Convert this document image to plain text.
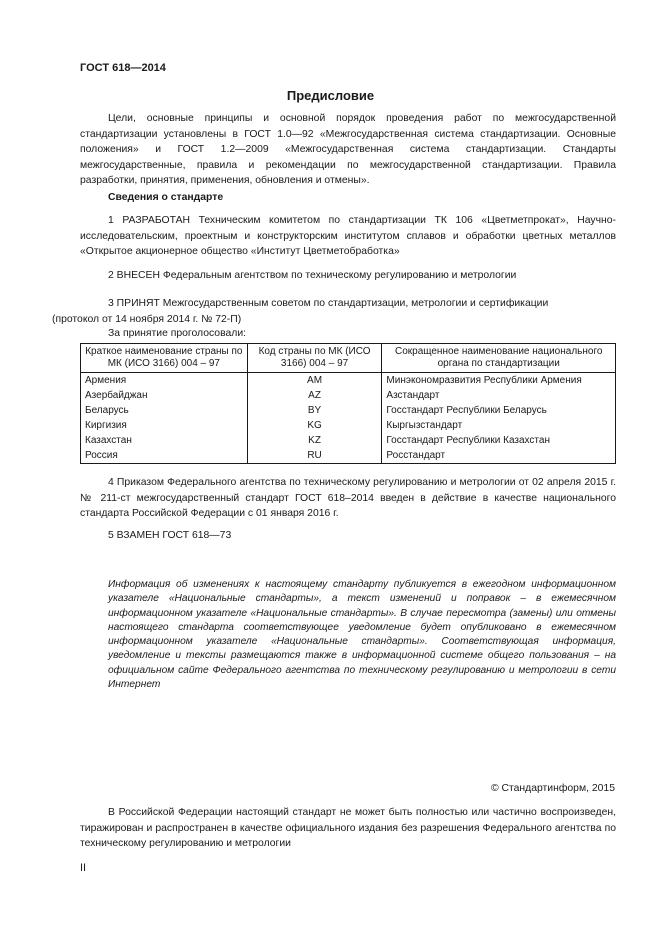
ГОСТ 618—2014
Предисловие
Цели, основные принципы и основной порядок проведения работ по межгосударственной стандартизации установлены в ГОСТ 1.0—92 «Межгосударственная система стандартизации. Основные положения» и ГОСТ 1.2—2009 «Межгосударственная система стандартизации. Стандарты межгосударственные, правила и рекомендации по межгосударственной стандартизации. Правила разработки, принятия, применения, обновления и отмены».
Сведения о стандарте
1 РАЗРАБОТАН Техническим комитетом по стандартизации ТК 106 «Цветметпрокат», Научно-исследовательским, проектным и конструкторским институтом сплавов и обработки цветных металлов «Открытое акционерное общество «Институт Цветметобработка»
2 ВНЕСЕН Федеральным агентством по техническому регулированию и метрологии
3 ПРИНЯТ Межгосударственным советом по стандартизации, метрологии и сертификации
(протокол от 14 ноября 2014 г. № 72-П)
За принятие проголосовали:
Краткое наименование страны по МК (ИСО 3166) 004 – 97	Код страны по МК (ИСО 3166) 004 – 97	Сокращенное наименование национального органа по стандартизации
Армения	AM	Минэкономразвития Республики Армения
Азербайджан	AZ	Азстандарт
Беларусь	BY	Госстандарт Республики Беларусь
Киргизия	KG	Кыргызстандарт
Казахстан	KZ	Госстандарт Республики Казахстан
Россия	RU	Росстандарт
4 Приказом Федерального агентства по техническому регулированию и метрологии от 02 апреля 2015 г. № 211-ст межгосударственный стандарт ГОСТ 618–2014 введен в действие в качестве национального стандарта Российской Федерации с 01 января 2016 г.
5 ВЗАМЕН ГОСТ 618—73
Информация об изменениях к настоящему стандарту публикуется в ежегодном информационном указателе «Национальные стандарты», а текст изменений и поправок – в ежемесячном информационном указателе «Национальные стандарты». В случае пересмотра (замены) или отмены настоящего стандарта соответствующее уведомление будет опубликовано в ежемесячном информационном указателе «Национальные стандарты». Соответствующая информация, уведомление и тексты размещаются также в информационной системе общего пользования – на официальном сайте Федерального агентства по техническому регулированию и метрологии в сети Интернет
© Стандартинформ, 2015
В Российской Федерации настоящий стандарт не может быть полностью или частично воспроизведен, тиражирован и распространен в качестве официального издания без разрешения Федерального агентства по техническому регулированию и метрологии
II
